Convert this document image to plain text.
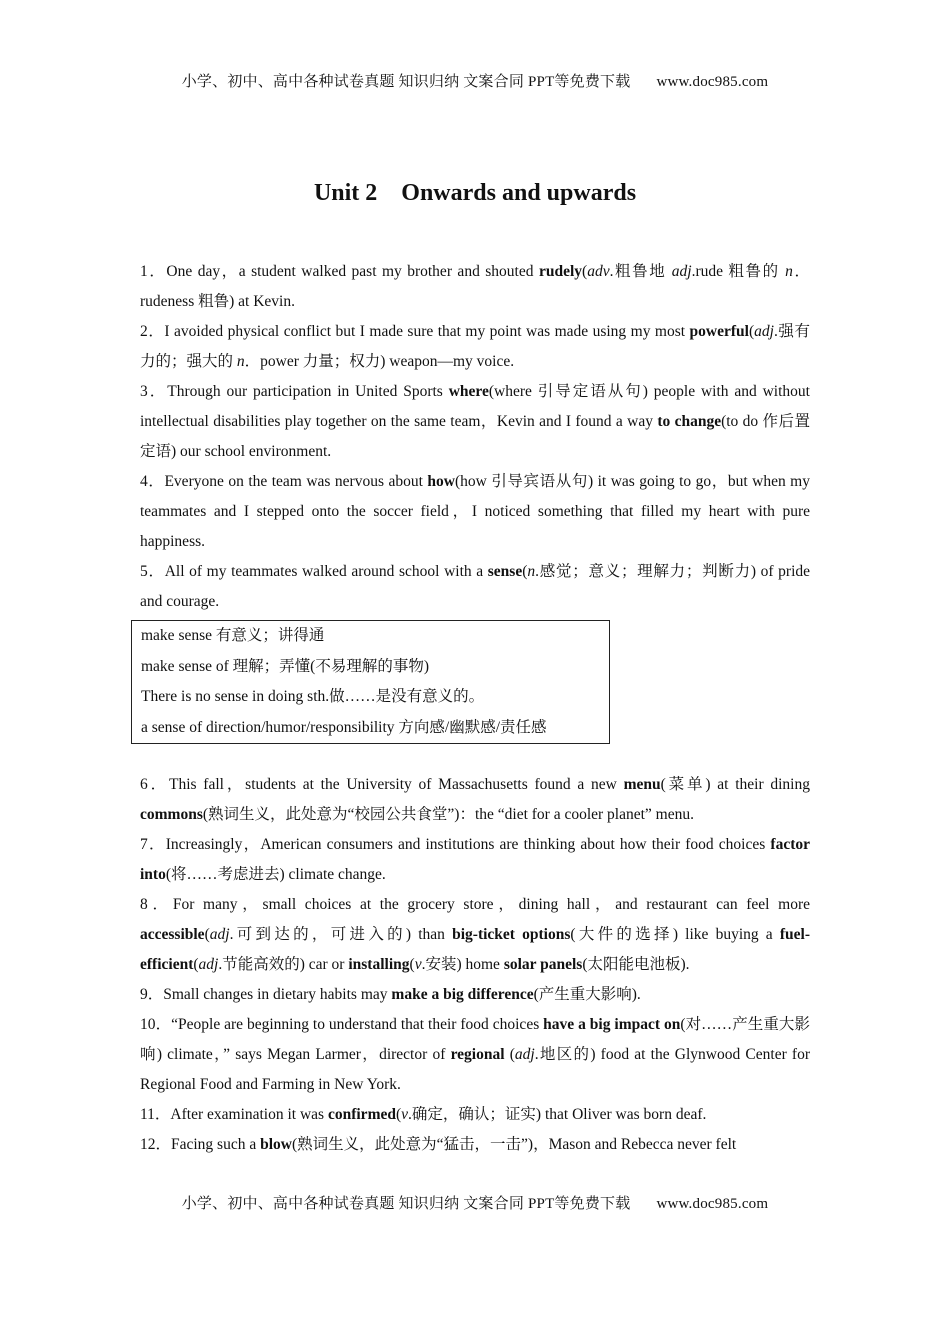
小学、初中、高中各种试卷真题 知识归纳 文案合同 PPT等免费下载 www.doc985.com
Unit 2　Onwards and upwards
1．One day，a student walked past my brother and shouted rudely(adv.粗鲁地 adj.rude 粗鲁的 n．rudeness 粗鲁) at Kevin.
2．I avoided physical conflict but I made sure that my point was made using my most powerful(adj.强有力的；强大的 n．power 力量；权力) weapon—my voice.
3．Through our participation in United Sports where(where 引导定语从句) people with and without intellectual disabilities play together on the same team，Kevin and I found a way to change(to do 作后置定语) our school environment.
4．Everyone on the team was nervous about how(how 引导宾语从句) it was going to go，but when my teammates and I stepped onto the soccer field，I noticed something that filled my heart with pure happiness.
5．All of my teammates walked around school with a sense(n.感觉；意义；理解力；判断力) of pride and courage.
make sense 有意义；讲得通
make sense of 理解；弄懂(不易理解的事物)
There is no sense in doing sth.做……是没有意义的。
a sense of direction/humor/responsibility 方向感/幽默感/责任感
6．This fall，students at the University of Massachusetts found a new menu(菜单) at their dining commons(熟词生义，此处意为“校园公共食堂”)：the “diet for a cooler planet” menu.
7．Increasingly，American consumers and institutions are thinking about how their food choices factor into(将……考虑进去) climate change.
8．For many，small choices at the grocery store，dining hall，and restaurant can feel more accessible(adj.可到达的，可进入的) than big-ticket options(大件的选择) like buying a fuel-efficient(adj.节能高效的) car or installing(v.安装) home solar panels(太阳能电池板).
9．Small changes in dietary habits may make a big difference(产生重大影响).
10．“People are beginning to understand that their food choices have a big impact on(对……产生重大影响) climate，” says Megan Larmer，director of regional (adj.地区的) food at the Glynwood Center for Regional Food and Farming in New York.
11．After examination it was confirmed(v.确定，确认；证实) that Oliver was born deaf.
12．Facing such a blow(熟词生义，此处意为“猛击，一击”)，Mason and Rebecca never felt
小学、初中、高中各种试卷真题 知识归纳 文案合同 PPT等免费下载 www.doc985.com
